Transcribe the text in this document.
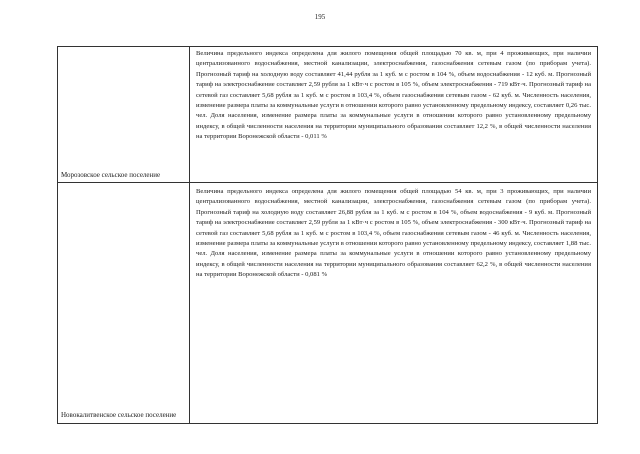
195
Морозовское сельское поселение
Величина предельного индекса определена для жилого помещения общей площадью 70 кв. м, при 4 проживающих, при наличии централизованного водоснабжения, местной канализации, электроснабжения, газоснабжения сетевым газом (по приборам учета). Прогнозный тариф на холодную воду составляет 41,44 рубля за 1 куб. м с ростом в 104 %, объем водоснабжения - 12 куб. м. Прогнозный тариф на электроснабжение составляет 2,59 рубля за 1 кВт·ч с ростом в 105 %, объем электроснабжения - 719 кВт·ч. Прогнозный тариф на сетевой газ составляет 5,68 рубля за 1 куб. м с ростом в 103,4 %, объем газоснабжения сетевым газом - 62 куб. м. Численность населения, изменение размера платы за коммунальные услуги в отношении которого равно установленному предельному индексу, составляет 0,26 тыс. чел. Доля населения, изменение размера платы за коммунальные услуги в отношении которого равно установленному предельному индексу, в общей численности населения на территории муниципального образования составляет 12,2 %, в общей численности населения на территории Воронежской области - 0,011 %
Новокалитвенское сельское поселение
Величина предельного индекса определена для жилого помещения общей площадью 54 кв. м, при 3 проживающих, при наличии централизованного водоснабжения, местной канализации, электроснабжения, газоснабжения сетевым газом (по приборам учета). Прогнозный тариф на холодную воду составляет 26,88 рубля за 1 куб. м с ростом в 104 %, объем водоснабжения - 9 куб. м. Прогнозный тариф на электроснабжение составляет 2,59 рубля за 1 кВт·ч с ростом в 105 %, объем электроснабжения - 300 кВт·ч. Прогнозный тариф на сетевой газ составляет 5,68 рубля за 1 куб. м с ростом в 103,4 %, объем газоснабжения сетевым газом - 46 куб. м. Численность населения, изменение размера платы за коммунальные услуги в отношении которого равно установленному предельному индексу, составляет 1,88 тыс. чел. Доля населения, изменение размера платы за коммунальные услуги в отношении которого равно установленному предельному индексу, в общей численности населения на территории муниципального образования составляет 62,2 %, в общей численности населения на территории Воронежской области - 0,081 %
